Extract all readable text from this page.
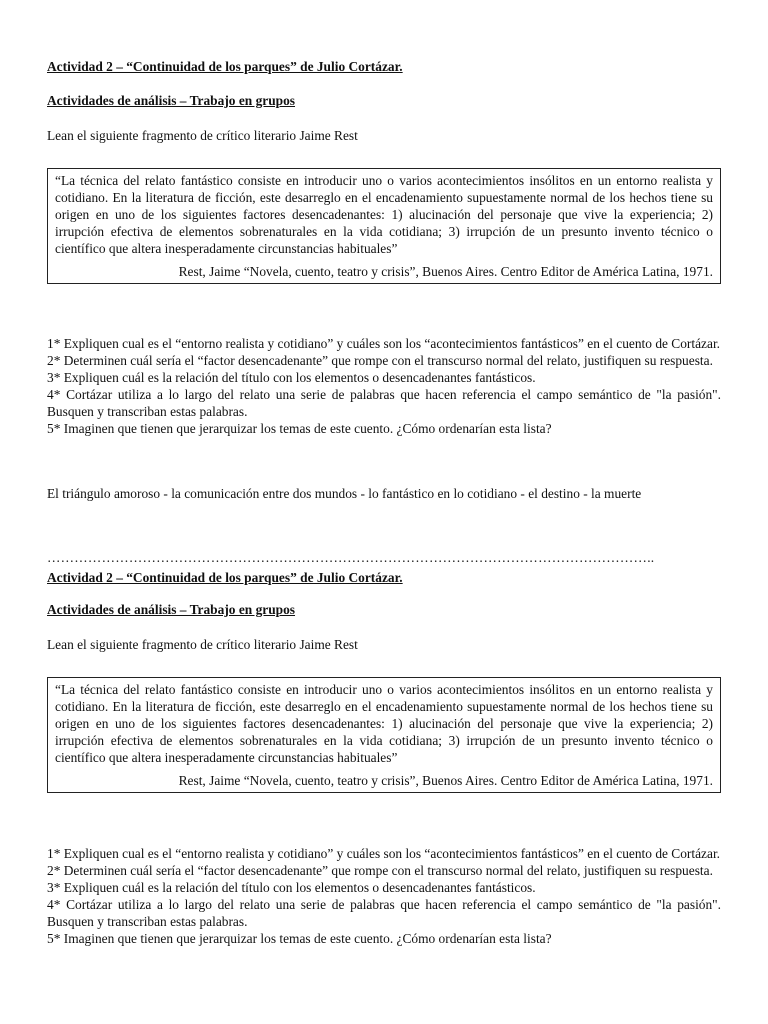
Actividad 2 – “Continuidad de los parques” de Julio Cortázar.

Actividades de análisis – Trabajo en grupos

Lean el siguiente fragmento de crítico literario Jaime Rest

“La técnica del relato fantástico consiste en introducir uno o varios acontecimientos insólitos en un entorno realista y cotidiano. En la literatura de ficción, este desarreglo en el encadenamiento supuestamente normal de los hechos tiene su origen en uno de los siguientes factores desencadenantes: 1) alucinación del personaje que vive la experiencia; 2) irrupción efectiva de elementos sobrenaturales en la vida cotidiana; 3) irrupción de un presunto invento técnico o científico que altera inesperadamente circunstancias habituales”

Rest, Jaime “Novela, cuento, teatro y crisis”, Buenos Aires. Centro Editor de América Latina, 1971.

1* Expliquen cual es el “entorno realista y cotidiano” y cuáles son los “acontecimientos fantásticos” en el cuento de Cortázar.

2* Determinen cuál sería el “factor desencadenante” que rompe con el transcurso normal del relato, justifiquen su respuesta.

3* Expliquen cuál es la relación del título con los elementos o desencadenantes fantásticos.

4* Cortázar utiliza a lo largo del relato una serie de palabras que hacen referencia el campo semántico de "la pasión". Busquen y transcriban estas palabras.

5* Imaginen que tienen que jerarquizar los temas de este cuento. ¿Cómo ordenarían esta lista?

El triángulo amoroso - la comunicación entre dos mundos - lo fantástico en lo cotidiano - el destino - la muerte

……………………………………………………………………………………………………………………..

Actividad 2 – “Continuidad de los parques” de Julio Cortázar.

Actividades de análisis – Trabajo en grupos

Lean el siguiente fragmento de crítico literario Jaime Rest

“La técnica del relato fantástico consiste en introducir uno o varios acontecimientos insólitos en un entorno realista y cotidiano. En la literatura de ficción, este desarreglo en el encadenamiento supuestamente normal de los hechos tiene su origen en uno de los siguientes factores desencadenantes: 1) alucinación del personaje que vive la experiencia; 2) irrupción efectiva de elementos sobrenaturales en la vida cotidiana; 3) irrupción de un presunto invento técnico o científico que altera inesperadamente circunstancias habituales”

Rest, Jaime “Novela, cuento, teatro y crisis”, Buenos Aires. Centro Editor de América Latina, 1971.

1* Expliquen cual es el “entorno realista y cotidiano” y cuáles son los “acontecimientos fantásticos” en el cuento de Cortázar.

2* Determinen cuál sería el “factor desencadenante” que rompe con el transcurso normal del relato, justifiquen su respuesta.

3* Expliquen cuál es la relación del título con los elementos o desencadenantes fantásticos.

4* Cortázar utiliza a lo largo del relato una serie de palabras que hacen referencia el campo semántico de "la pasión". Busquen y transcriban estas palabras.

5* Imaginen que tienen que jerarquizar los temas de este cuento. ¿Cómo ordenarían esta lista?
